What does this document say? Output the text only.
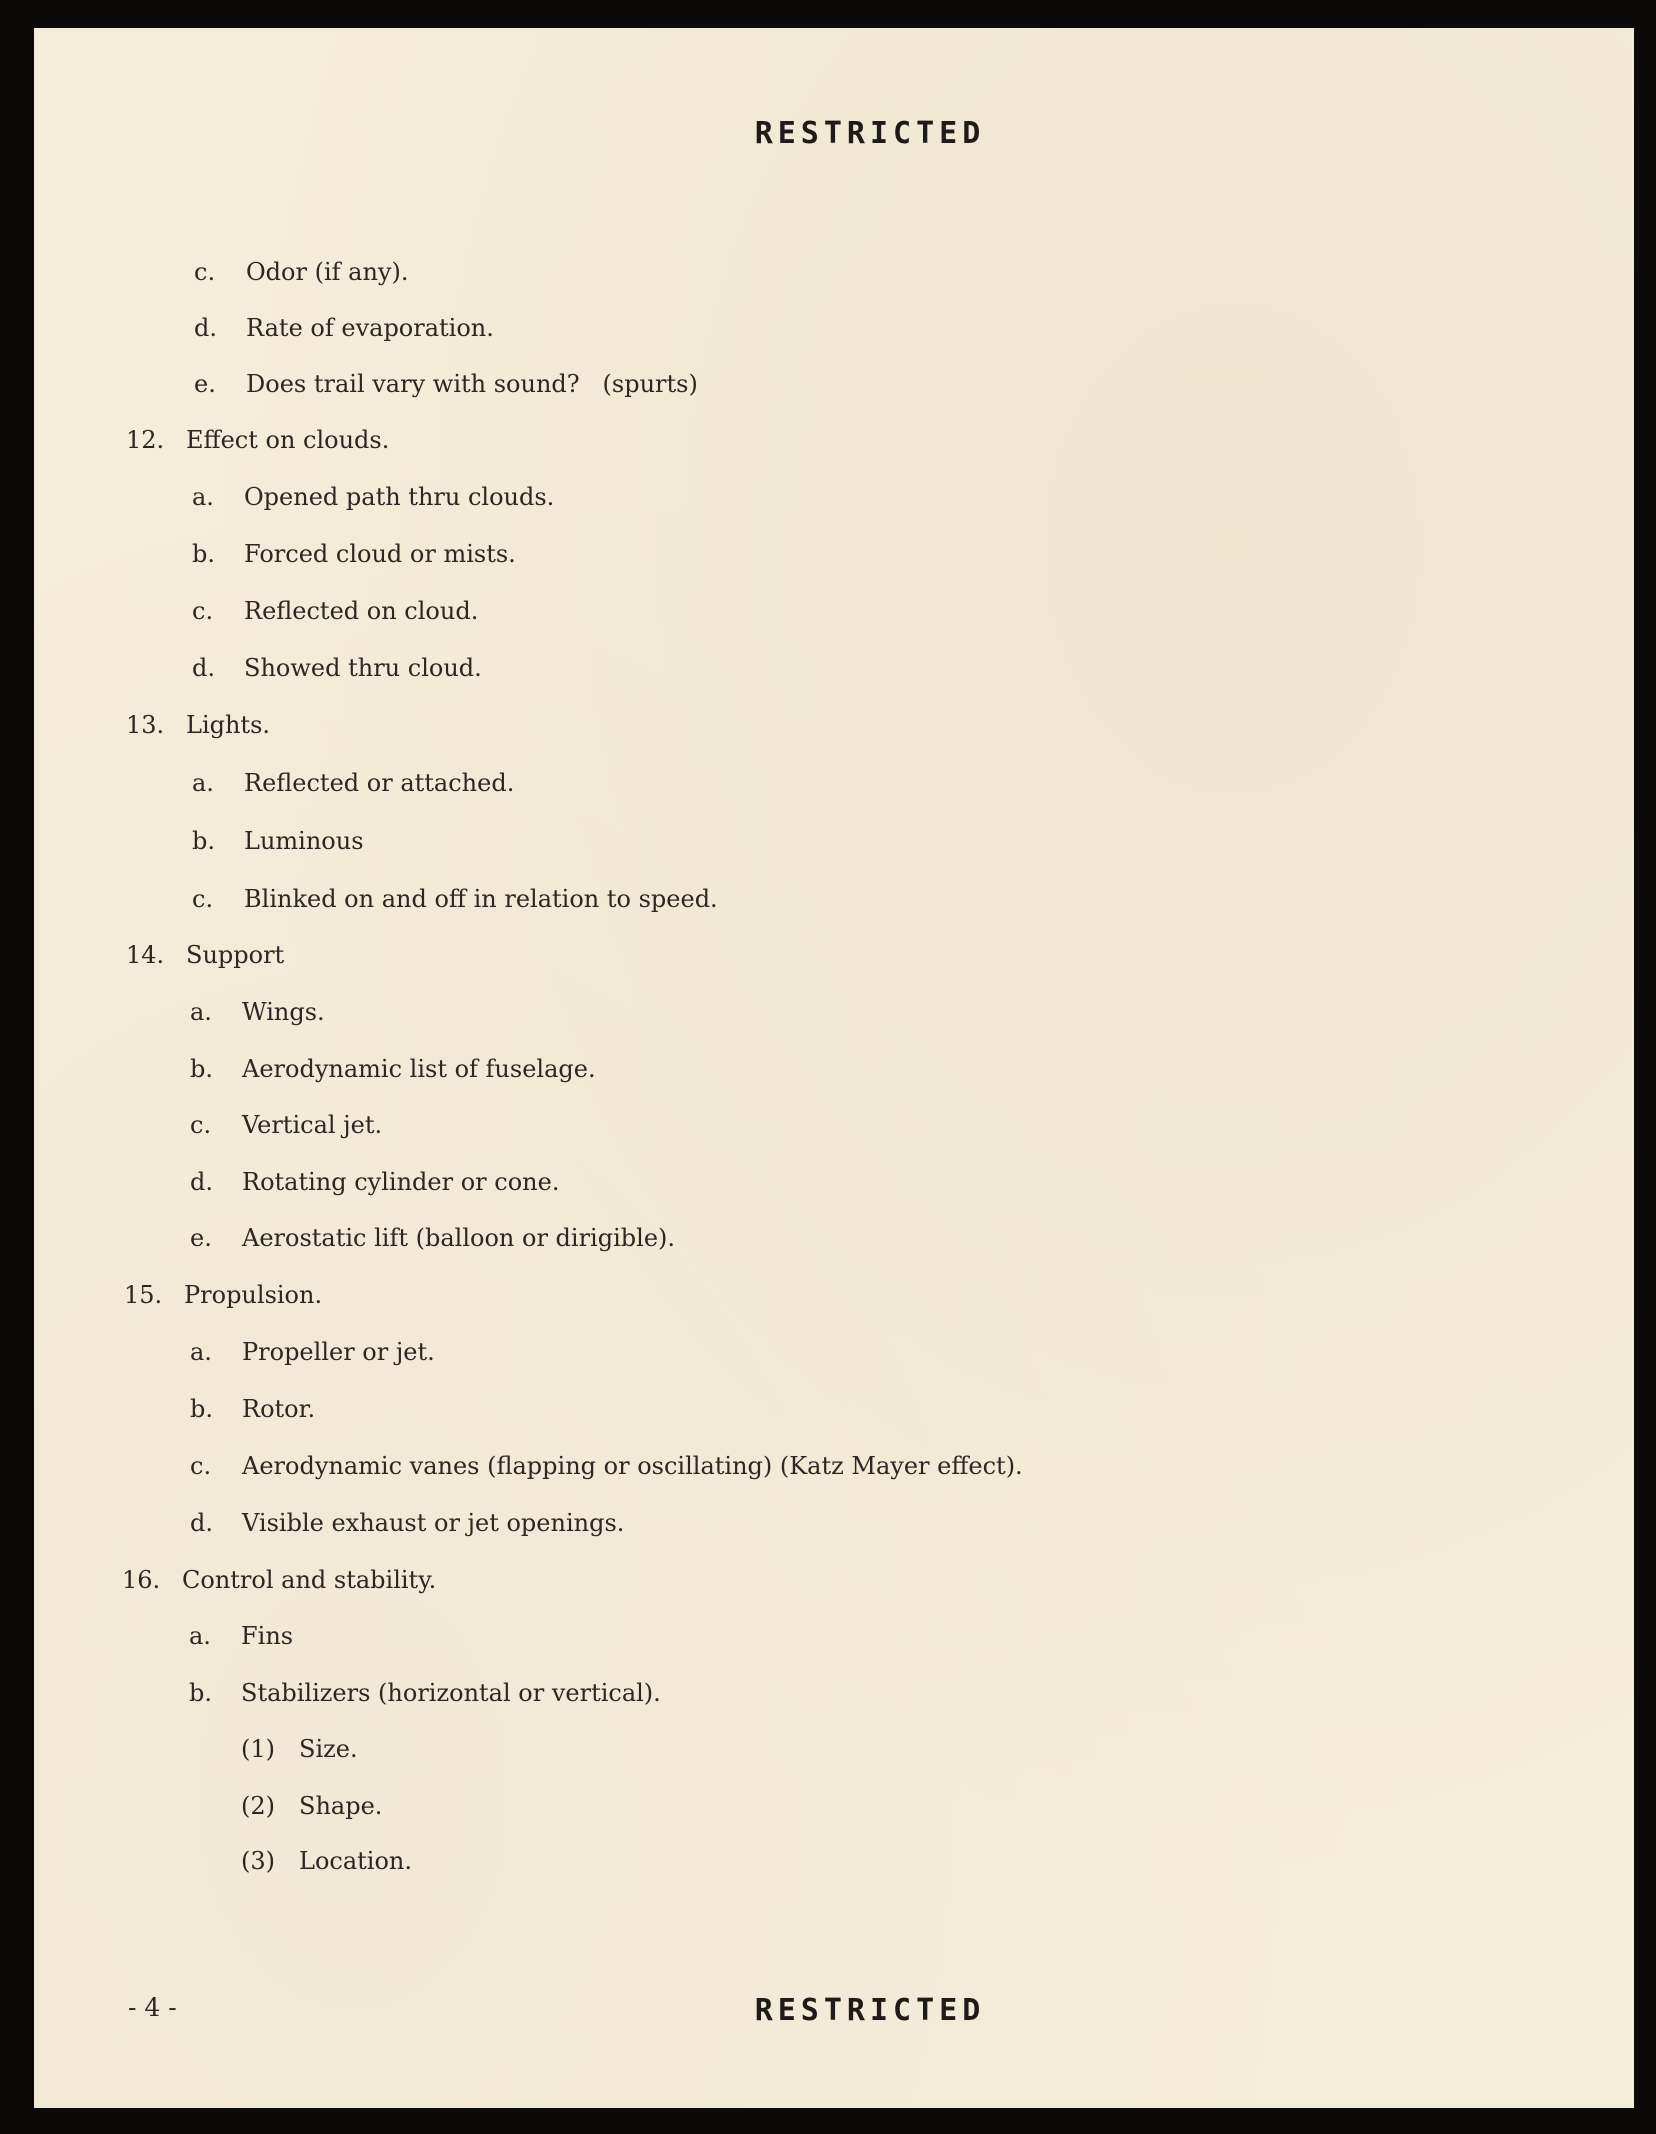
RESTRICTED
c. Odor (if any).
d. Rate of evaporation.
e. Does trail vary with sound?   (spurts)
12. Effect on clouds.
a. Opened path thru clouds.
b. Forced cloud or mists.
c. Reflected on cloud.
d. Showed thru cloud.
13. Lights.
a. Reflected or attached.
b. Luminous
c. Blinked on and off in relation to speed.
14. Support
a. Wings.
b. Aerodynamic list of fuselage.
c. Vertical jet.
d. Rotating cylinder or cone.
e. Aerostatic lift (balloon or dirigible).
15. Propulsion.
a. Propeller or jet.
b. Rotor.
c. Aerodynamic vanes (flapping or oscillating) (Katz Mayer effect).
d. Visible exhaust or jet openings.
16. Control and stability.
a. Fins
b. Stabilizers (horizontal or vertical).
(1) Size.
(2) Shape.
(3) Location.
- 4 -	RESTRICTED
